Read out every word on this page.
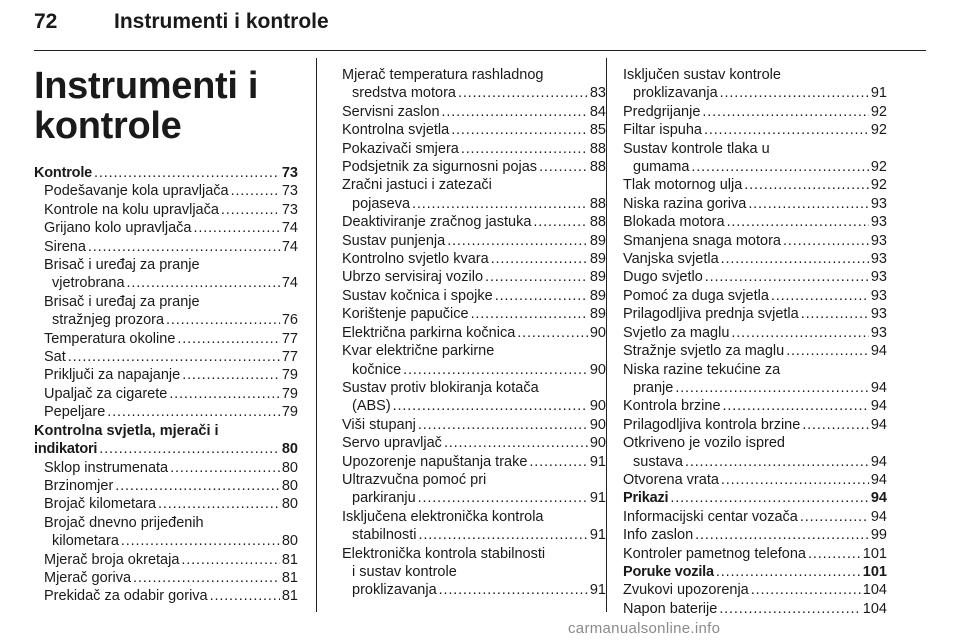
72	Instrumenti i kontrole
Instrumenti i
kontrole
Kontrole . . .	73
Podešavanje kola upravljača . . .	73
Kontrole na kolu upravljača . . .	73
Grijano kolo upravljača . . .	74
Sirena . . .	74
Brisač i uređaj za pranje
vjetrobrana . . .	74
Brisač i uređaj za pranje
stražnjeg prozora . . .	76
Temperatura okoline . . .	77
Sat . . .	77
Priključi za napajanje . . .	79
Upaljač za cigarete . . .	79
Pepeljare . . .	79
Kontrolna svjetla, mjerači i
indikatori . . .	80
Sklop instrumenata . . .	80
Brzinomjer . . .	80
Brojač kilometara . . .	80
Brojač dnevno prijeđenih
kilometara . . .	80
Mjerač broja okretaja . . .	81
Mjerač goriva . . .	81
Prekidač za odabir goriva . . .	81
Mjerač temperatura rashladnog
sredstva motora . . .	83
Servisni zaslon . . .	84
Kontrolna svjetla . . .	85
Pokazivači smjera . . .	88
Podsjetnik za sigurnosni pojas . . .	88
Zračni jastuci i zatezači
pojaseva . . .	88
Deaktiviranje zračnog jastuka . . .	88
Sustav punjenja . . .	89
Kontrolno svjetlo kvara . . .	89
Ubrzo servisiraj vozilo . . .	89
Sustav kočnica i spojke . . .	89
Korištenje papučice . . .	89
Električna parkirna kočnica . . .	90
Kvar električne parkirne
kočnice . . .	90
Sustav protiv blokiranja kotača
(ABS) . . .	90
Viši stupanj . . .	90
Servo upravljač . . .	90
Upozorenje napuštanja trake . . .	91
Ultrazvučna pomoć pri
parkiranju . . .	91
Isključena elektronička kontrola
stabilnosti . . .	91
Elektronička kontrola stabilnosti
i sustav kontrole
proklizavanja . . .	91
Isključen sustav kontrole
proklizavanja . . .	91
Predgrijanje . . .	92
Filtar ispuha . . .	92
Sustav kontrole tlaka u
gumama . . .	92
Tlak motornog ulja . . .	92
Niska razina goriva . . .	93
Blokada motora . . .	93
Smanjena snaga motora . . .	93
Vanjska svjetla . . .	93
Dugo svjetlo . . .	93
Pomoć za duga svjetla . . .	93
Prilagodljiva prednja svjetla . . .	93
Svjetlo za maglu . . .	93
Stražnje svjetlo za maglu . . .	94
Niska razine tekućine za
pranje . . .	94
Kontrola brzine . . .	94
Prilagodljiva kontrola brzine . . .	94
Otkriveno je vozilo ispred
sustava . . .	94
Otvorena vrata . . .	94
Prikazi . . .	94
Informacijski centar vozača . . .	94
Info zaslon . . .	99
Kontroler pametnog telefona . . .	101
Poruke vozila . . .	101
Zvukovi upozorenja . . .	104
Napon baterije . . .	104
carmanualsonline.info
